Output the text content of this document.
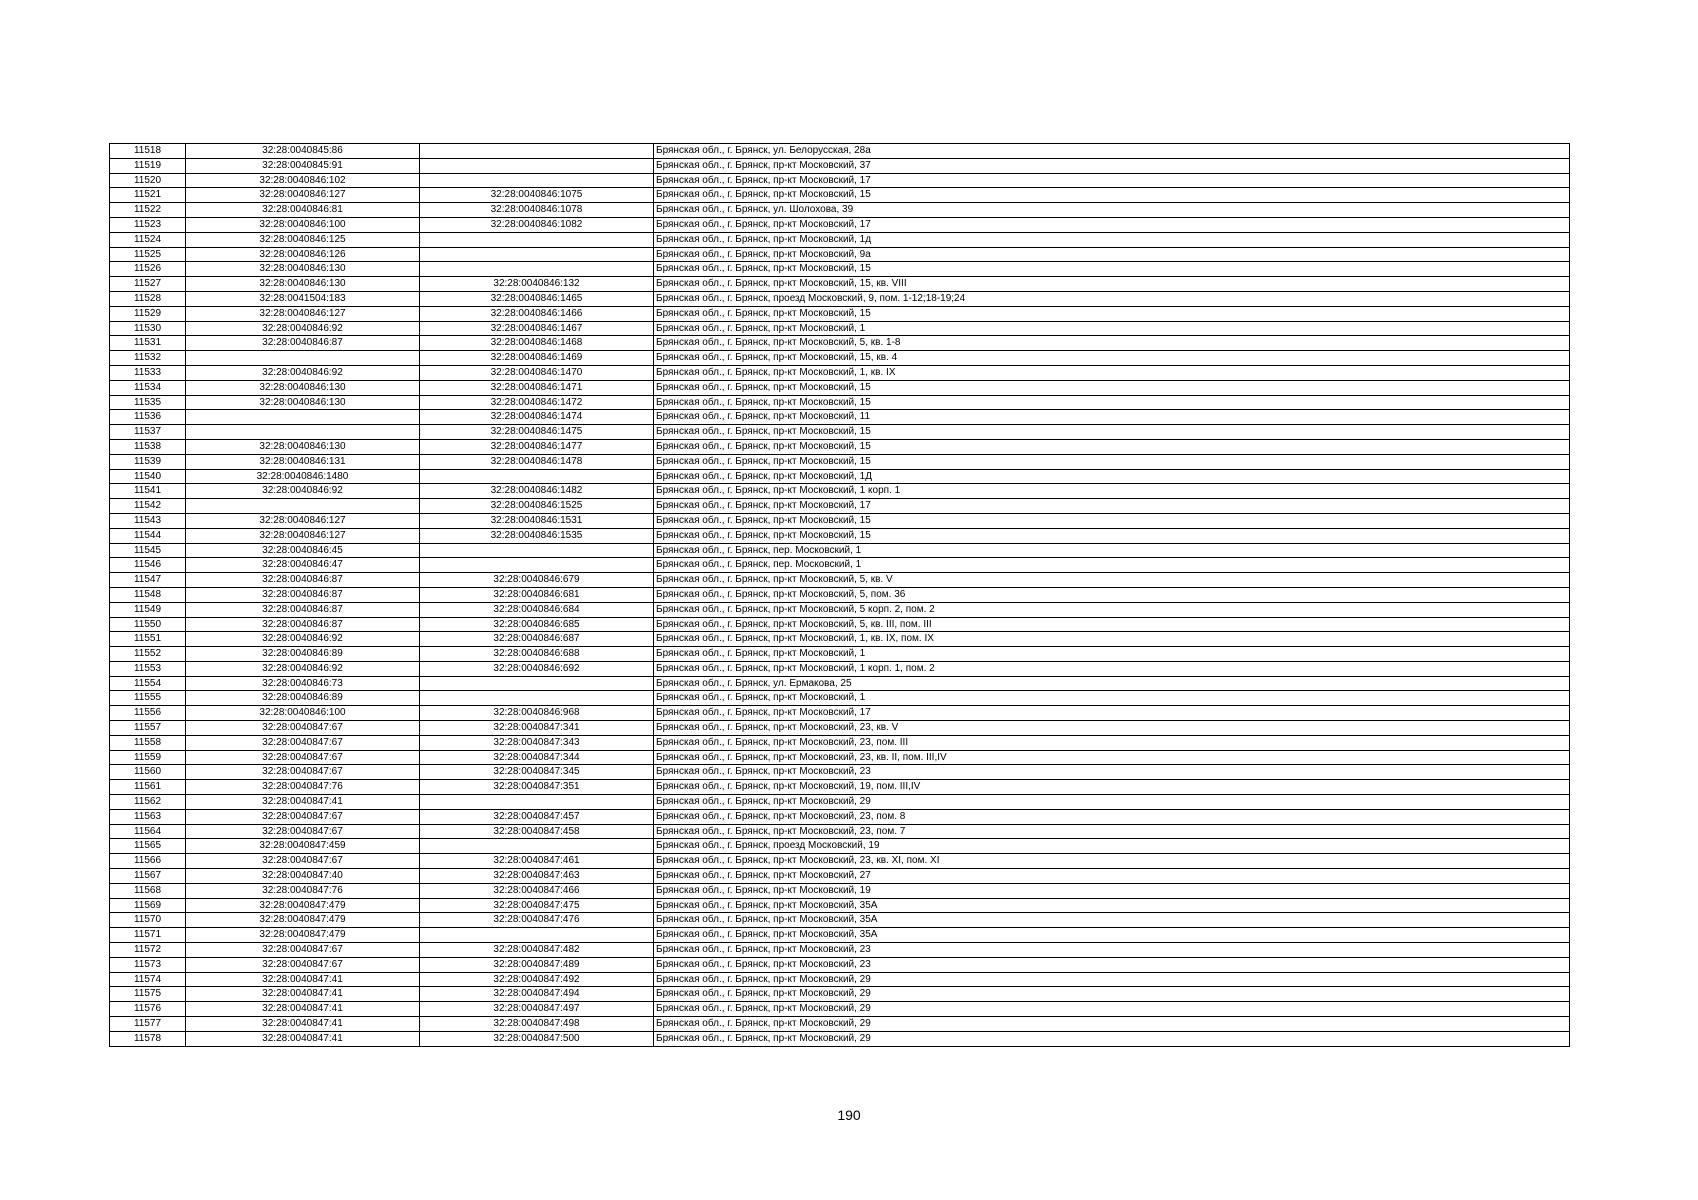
11518	32:28:0040845:86		Брянская обл., г. Брянск, ул. Белорусская, 28а
11519	32:28:0040845:91		Брянская обл., г. Брянск, пр-кт Московский, 37
11520	32:28:0040846:102		Брянская обл., г. Брянск, пр-кт Московский, 17
11521	32:28:0040846:127	32:28:0040846:1075	Брянская обл., г. Брянск, пр-кт Московский, 15
11522	32:28:0040846:81	32:28:0040846:1078	Брянская обл., г. Брянск, ул. Шолохова, 39
11523	32:28:0040846:100	32:28:0040846:1082	Брянская обл., г. Брянск, пр-кт Московский, 17
11524	32:28:0040846:125		Брянская обл., г. Брянск, пр-кт Московский, 1д
11525	32:28:0040846:126		Брянская обл., г. Брянск, пр-кт Московский, 9а
11526	32:28:0040846:130		Брянская обл., г. Брянск, пр-кт Московский, 15
11527	32:28:0040846:130	32:28:0040846:132	Брянская обл., г. Брянск, пр-кт Московский, 15, кв. VIII
11528	32:28:0041504:183	32:28:0040846:1465	Брянская обл., г. Брянск, проезд Московский, 9, пом. 1-12;18-19;24
11529	32:28:0040846:127	32:28:0040846:1466	Брянская обл., г. Брянск, пр-кт Московский, 15
11530	32:28:0040846:92	32:28:0040846:1467	Брянская обл., г. Брянск, пр-кт Московский, 1
11531	32:28:0040846:87	32:28:0040846:1468	Брянская обл., г. Брянск, пр-кт Московский, 5, кв. 1-8
11532		32:28:0040846:1469	Брянская обл., г. Брянск, пр-кт Московский, 15, кв. 4
11533	32:28:0040846:92	32:28:0040846:1470	Брянская обл., г. Брянск, пр-кт Московский, 1, кв. IX
11534	32:28:0040846:130	32:28:0040846:1471	Брянская обл., г. Брянск, пр-кт Московский, 15
11535	32:28:0040846:130	32:28:0040846:1472	Брянская обл., г. Брянск, пр-кт Московский, 15
11536		32:28:0040846:1474	Брянская обл., г. Брянск, пр-кт Московский, 11
11537		32:28:0040846:1475	Брянская обл., г. Брянск, пр-кт Московский, 15
11538	32:28:0040846:130	32:28:0040846:1477	Брянская обл., г. Брянск, пр-кт Московский, 15
11539	32:28:0040846:131	32:28:0040846:1478	Брянская обл., г. Брянск, пр-кт Московский, 15
11540	32:28:0040846:1480		Брянская обл., г. Брянск, пр-кт Московский, 1Д
11541	32:28:0040846:92	32:28:0040846:1482	Брянская обл., г. Брянск, пр-кт Московский, 1 корп. 1
11542		32:28:0040846:1525	Брянская обл., г. Брянск, пр-кт Московский, 17
11543	32:28:0040846:127	32:28:0040846:1531	Брянская обл., г. Брянск, пр-кт Московский, 15
11544	32:28:0040846:127	32:28:0040846:1535	Брянская обл., г. Брянск, пр-кт Московский, 15
11545	32:28:0040846:45		Брянская обл., г. Брянск, пер. Московский, 1
11546	32:28:0040846:47		Брянская обл., г. Брянск, пер. Московский, 1
11547	32:28:0040846:87	32:28:0040846:679	Брянская обл., г. Брянск, пр-кт Московский, 5, кв. V
11548	32:28:0040846:87	32:28:0040846:681	Брянская обл., г. Брянск, пр-кт Московский, 5, пом. 36
11549	32:28:0040846:87	32:28:0040846:684	Брянская обл., г. Брянск, пр-кт Московский, 5 корп. 2, пом. 2
11550	32:28:0040846:87	32:28:0040846:685	Брянская обл., г. Брянск, пр-кт Московский, 5, кв. III, пом. III
11551	32:28:0040846:92	32:28:0040846:687	Брянская обл., г. Брянск, пр-кт Московский, 1, кв. IX, пом. IX
11552	32:28:0040846:89	32:28:0040846:688	Брянская обл., г. Брянск, пр-кт Московский, 1
11553	32:28:0040846:92	32:28:0040846:692	Брянская обл., г. Брянск, пр-кт Московский, 1 корп. 1, пом. 2
11554	32:28:0040846:73		Брянская обл., г. Брянск, ул. Ермакова, 25
11555	32:28:0040846:89		Брянская обл., г. Брянск, пр-кт Московский, 1
11556	32:28:0040846:100	32:28:0040846:968	Брянская обл., г. Брянск, пр-кт Московский, 17
11557	32:28:0040847:67	32:28:0040847:341	Брянская обл., г. Брянск, пр-кт Московский, 23, кв. V
11558	32:28:0040847:67	32:28:0040847:343	Брянская обл., г. Брянск, пр-кт Московский, 23, пом. III
11559	32:28:0040847:67	32:28:0040847:344	Брянская обл., г. Брянск, пр-кт Московский, 23, кв. II, пом. III,IV
11560	32:28:0040847:67	32:28:0040847:345	Брянская обл., г. Брянск, пр-кт Московский, 23
11561	32:28:0040847:76	32:28:0040847:351	Брянская обл., г. Брянск, пр-кт Московский, 19, пом. III,IV
11562	32:28:0040847:41		Брянская обл., г. Брянск, пр-кт Московский, 29
11563	32:28:0040847:67	32:28:0040847:457	Брянская обл., г. Брянск, пр-кт Московский, 23, пом. 8
11564	32:28:0040847:67	32:28:0040847:458	Брянская обл., г. Брянск, пр-кт Московский, 23, пом. 7
11565	32:28:0040847:459		Брянская обл., г. Брянск, проезд Московский, 19
11566	32:28:0040847:67	32:28:0040847:461	Брянская обл., г. Брянск, пр-кт Московский, 23, кв. XI, пом. XI
11567	32:28:0040847:40	32:28:0040847:463	Брянская обл., г. Брянск, пр-кт Московский, 27
11568	32:28:0040847:76	32:28:0040847:466	Брянская обл., г. Брянск, пр-кт Московский, 19
11569	32:28:0040847:479	32:28:0040847:475	Брянская обл., г. Брянск, пр-кт Московский, 35А
11570	32:28:0040847:479	32:28:0040847:476	Брянская обл., г. Брянск, пр-кт Московский, 35А
11571	32:28:0040847:479		Брянская обл., г. Брянск, пр-кт Московский, 35А
11572	32:28:0040847:67	32:28:0040847:482	Брянская обл., г. Брянск, пр-кт Московский, 23
11573	32:28:0040847:67	32:28:0040847:489	Брянская обл., г. Брянск, пр-кт Московский, 23
11574	32:28:0040847:41	32:28:0040847:492	Брянская обл., г. Брянск, пр-кт Московский, 29
11575	32:28:0040847:41	32:28:0040847:494	Брянская обл., г. Брянск, пр-кт Московский, 29
11576	32:28:0040847:41	32:28:0040847:497	Брянская обл., г. Брянск, пр-кт Московский, 29
11577	32:28:0040847:41	32:28:0040847:498	Брянская обл., г. Брянск, пр-кт Московский, 29
11578	32:28:0040847:41	32:28:0040847:500	Брянская обл., г. Брянск, пр-кт Московский, 29
190
